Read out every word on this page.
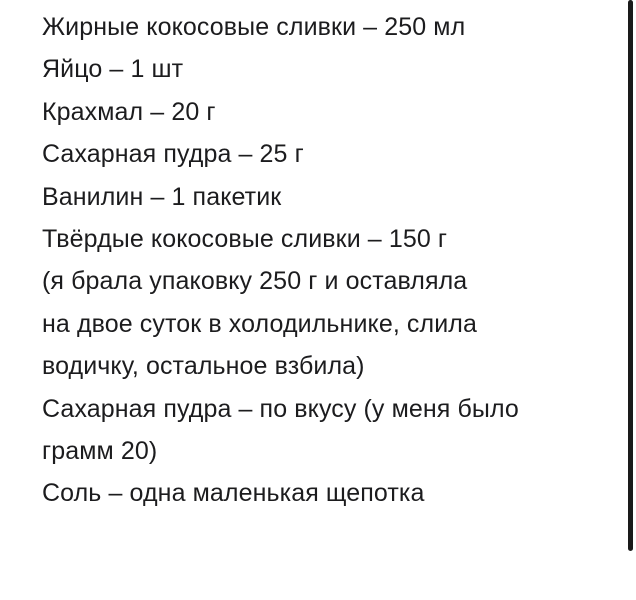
Жирные кокосовые сливки – 250 мл
Яйцо – 1 шт
Крахмал – 20 г
Сахарная пудра – 25 г
Ванилин – 1 пакетик
Твёрдые кокосовые сливки – 150 г
(я брала упаковку 250 г и оставляла
на двое суток в холодильнике, слила
водичку, остальное взбила)
Сахарная пудра – по вкусу (у меня было
грамм 20)
Соль – одна маленькая щепотка
